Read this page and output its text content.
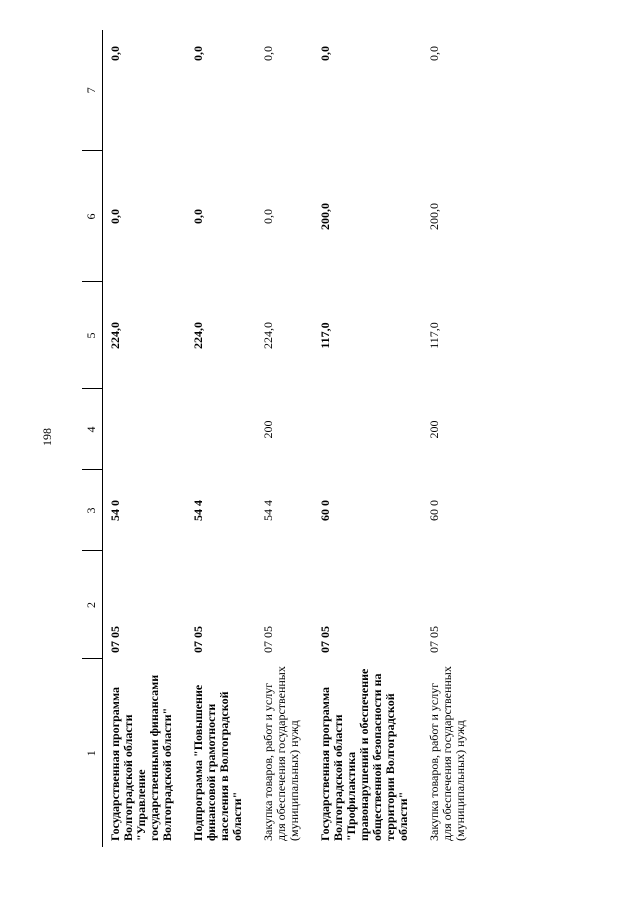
198
1	2	3	4	5	6	7
Государственная программа Волгоградской области "Управление государственными финансами Волгоградской области"	07 05	54 0		224,0	0,0	0,0
Подпрограмма "Повышение финансовой грамотности населения в Волгоградской области"	07 05	54 4		224,0	0,0	0,0
Закупка товаров, работ и услуг для обеспечения государственных (муниципальных) нужд	07 05	54 4	200	224,0	0,0	0,0
Государственная программа Волгоградской области "Профилактика правонарушений и обеспечение общественной безопасности на территории Волгоградской области"	07 05	60 0		117,0	200,0	0,0
Закупка товаров, работ и услуг для обеспечения государственных (муниципальных) нужд	07 05	60 0	200	117,0	200,0	0,0
